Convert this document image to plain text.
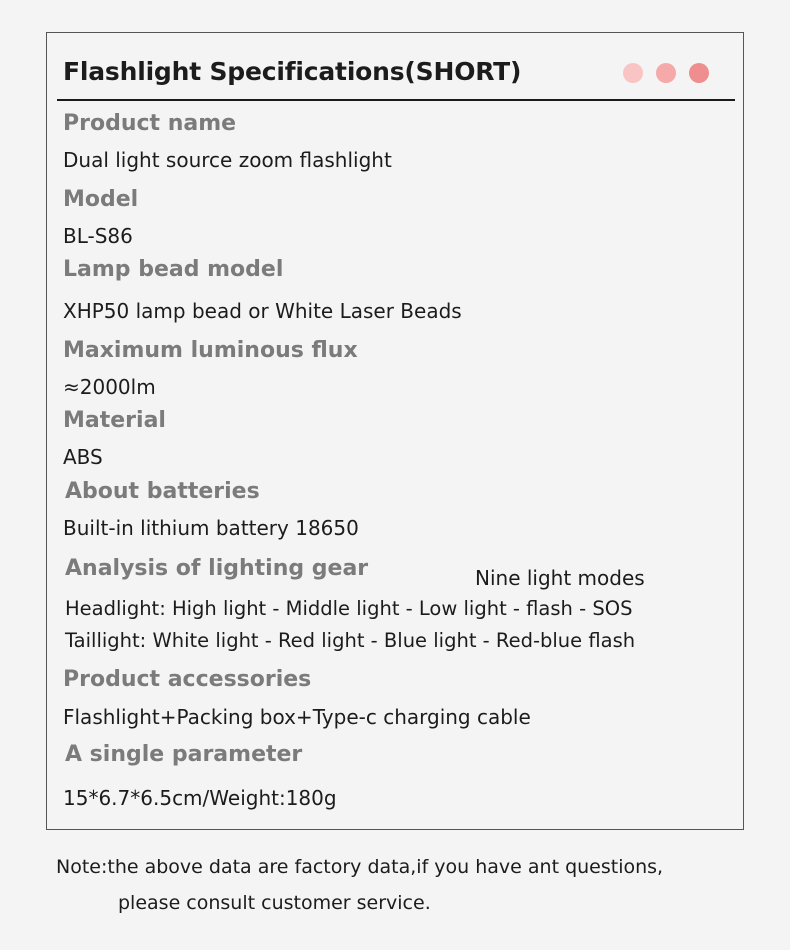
Flashlight Specifications(SHORT)
Product name
Dual light source zoom flashlight
Model
BL-S86
Lamp bead model
XHP50 lamp bead or White Laser Beads
Maximum luminous flux
≈2000lm
Material
ABS
About batteries
Built-in lithium battery 18650
Analysis of lighting gear	Nine light modes
Headlight: High light - Middle light - Low light - flash - SOS
Taillight: White light - Red light - Blue light - Red-blue flash
Product accessories
Flashlight+Packing box+Type-c charging cable
A single parameter
15*6.7*6.5cm/Weight:180g
Note:the above data are factory data,if you have ant questions,
please consult customer service.
